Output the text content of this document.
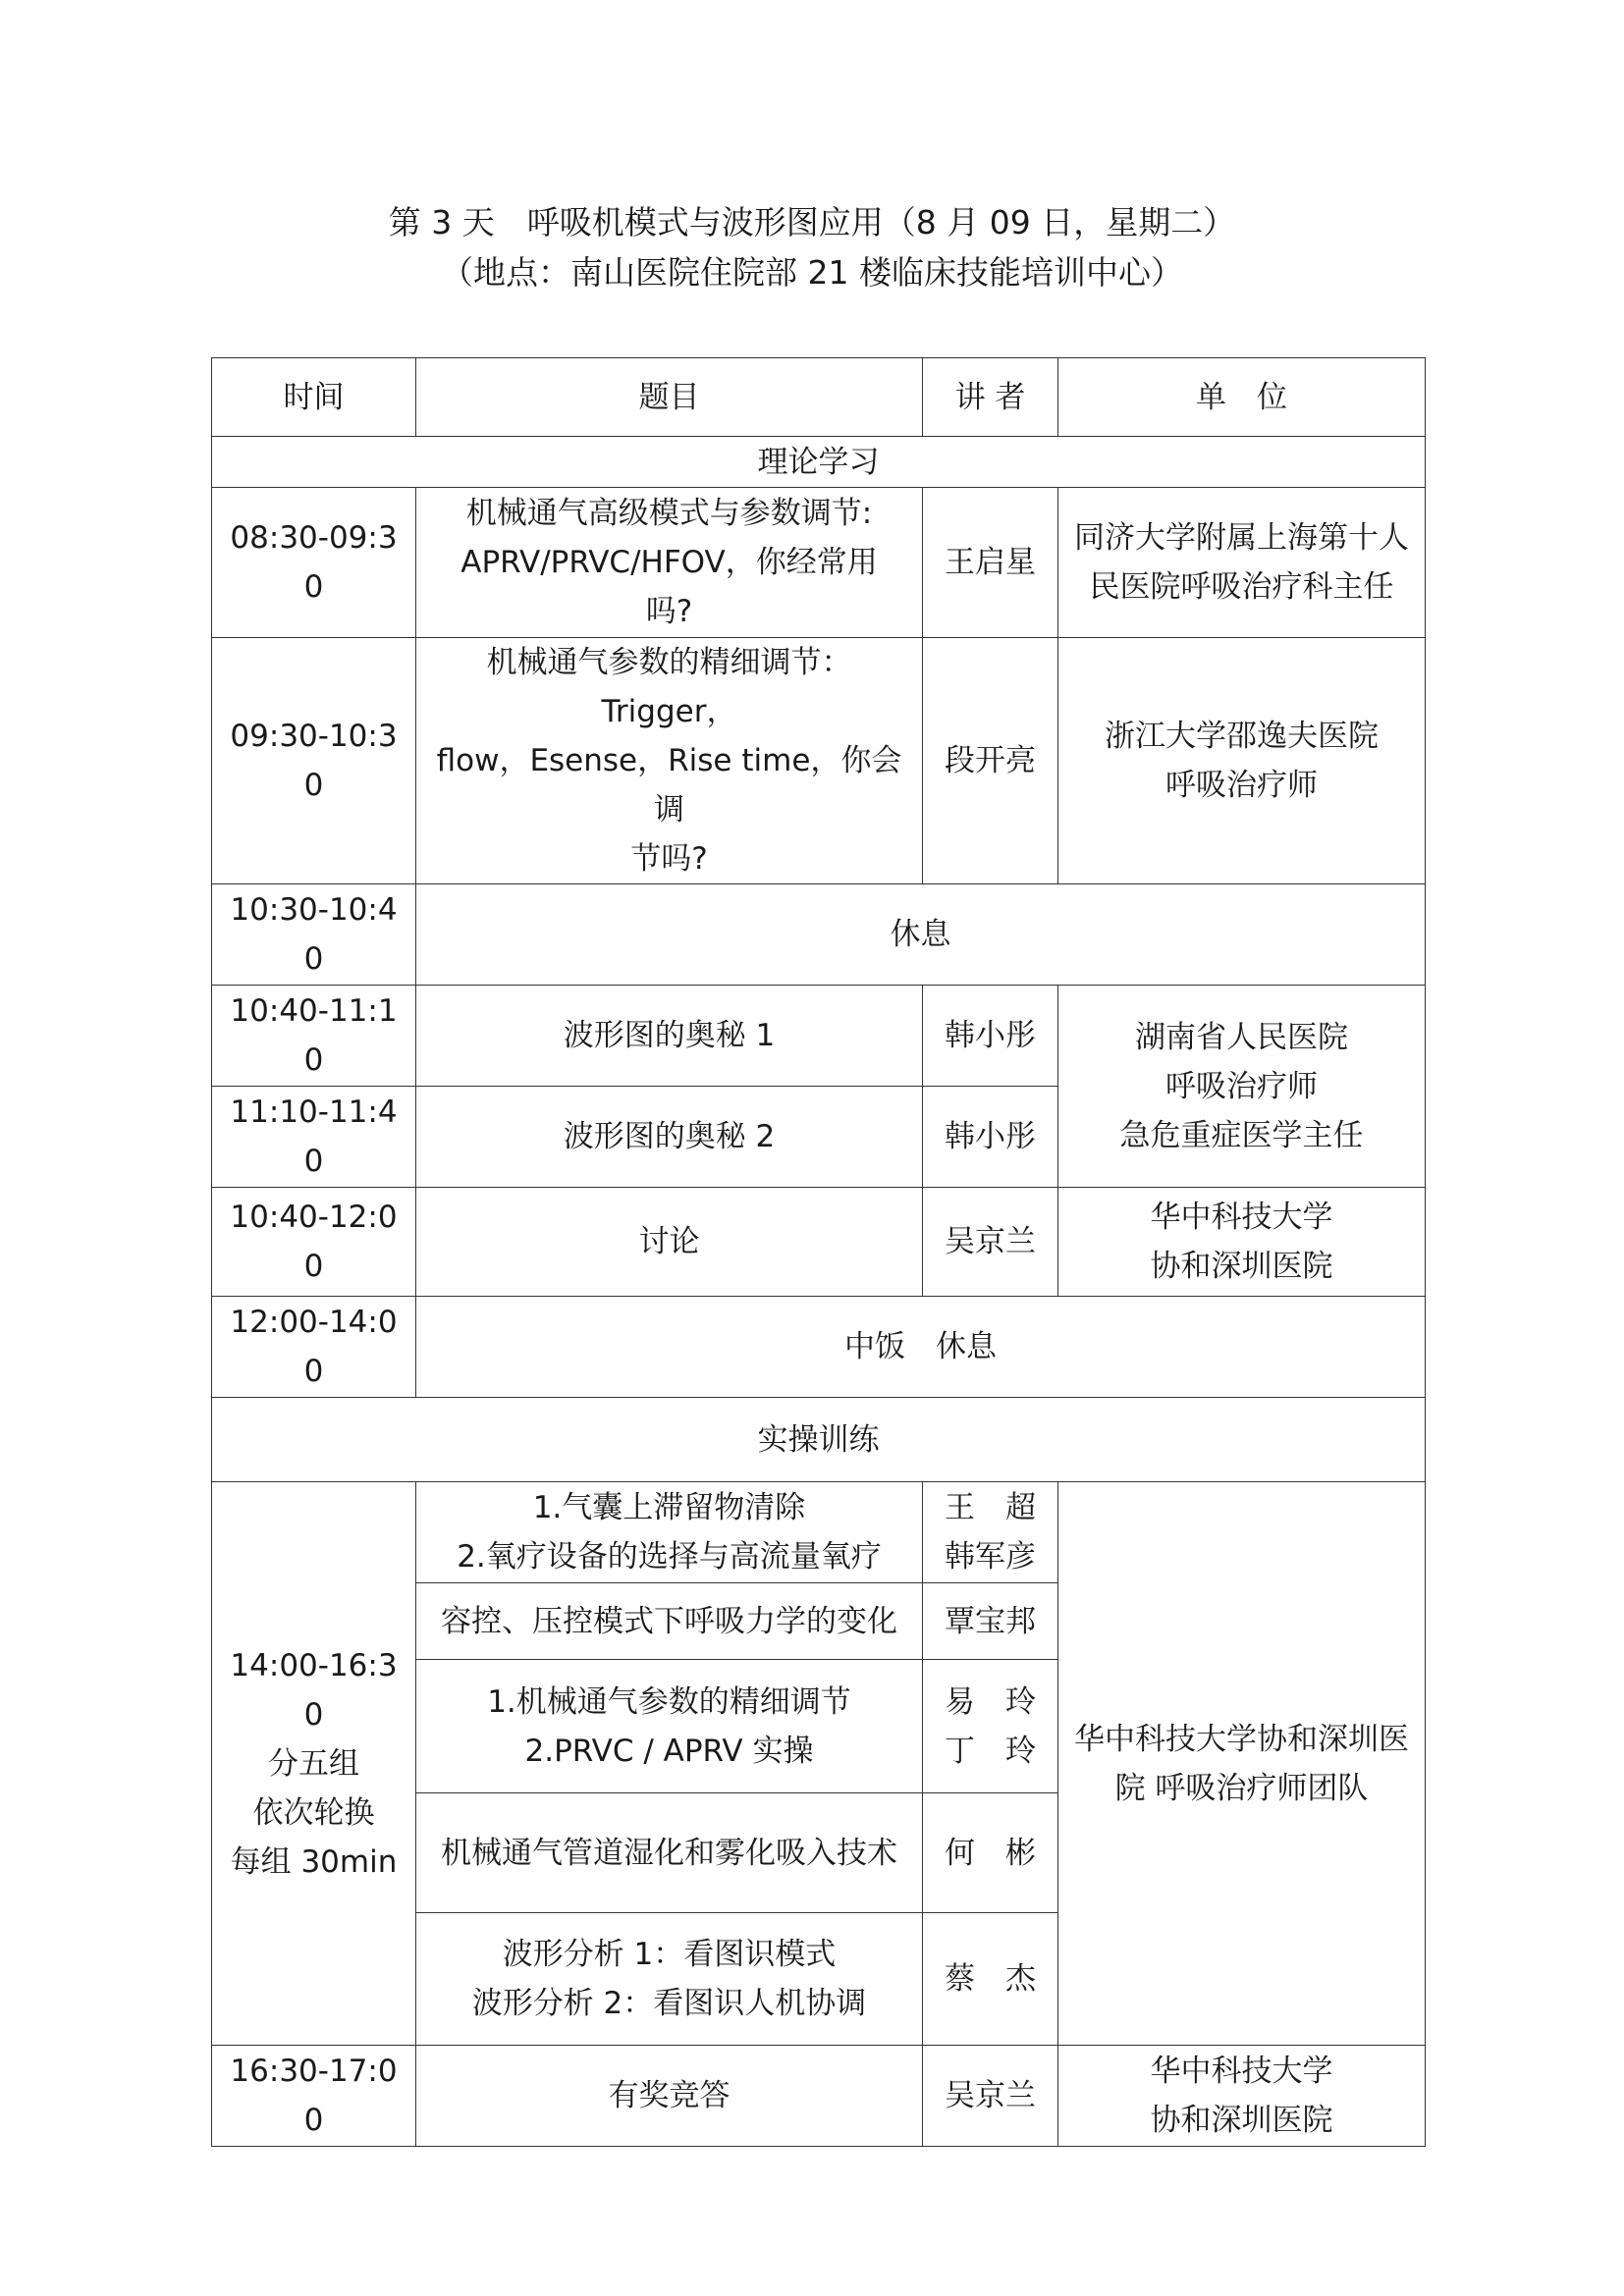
第 3 天　呼吸机模式与波形图应用（8 月 09 日，星期二）
（地点：南山医院住院部 21 楼临床技能培训中心）
时间	题目	讲 者	单　位
理论学习			
08:30-09:3
0	机械通气高级模式与参数调节:
APRV/PRVC/HFOV，你经常用
吗?	王启星	同济大学附属上海第十人
民医院呼吸治疗科主任
09:30-10:3
0	机械通气参数的精细调节：Trigger，
flow，Esense，Rise time，你会调
节吗?	段开亮	浙江大学邵逸夫医院
呼吸治疗师
10:30-10:4
0	休息		
10:40-11:1
0	波形图的奥秘 1	韩小彤	湖南省人民医院
呼吸治疗师
急危重症医学主任
11:10-11:4
0	波形图的奥秘 2	韩小彤	
10:40-12:0
0	讨论	吴京兰	华中科技大学
协和深圳医院
12:00-14:0
0	中饭　休息		
实操训练			
14:00-16:3
0
分五组
依次轮换
每组 30min	1.气囊上滞留物清除
2.氧疗设备的选择与高流量氧疗	王　超
韩军彦	华中科技大学协和深圳医
院 呼吸治疗师团队
	容控、压控模式下呼吸力学的变化	覃宝邦	
	1.机械通气参数的精细调节
2.PRVC / APRV 实操	易　玲
丁　玲	
	机械通气管道湿化和雾化吸入技术	何　彬	
	波形分析 1：看图识模式
波形分析 2：看图识人机协调	蔡　杰	
16:30-17:0
0	有奖竞答	吴京兰	华中科技大学
协和深圳医院
